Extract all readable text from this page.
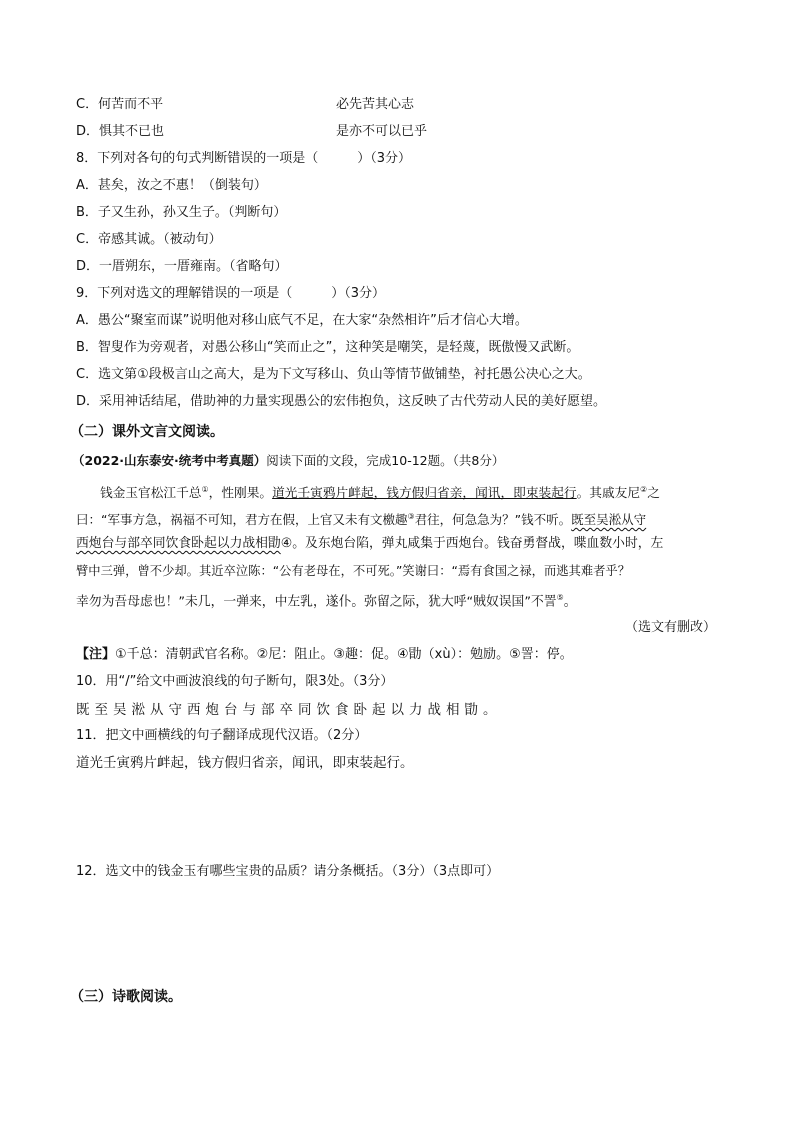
C．何苦而不平	必先苦其心志
D．惧其不已也	是亦不可以已乎
8．下列对各句的句式判断错误的一项是（　　　）（3分）
A．甚矣，汝之不惠！（倒装句）
B．子又生孙，孙又生子。（判断句）
C．帝感其诚。（被动句）
D．一厝朔东，一厝雍南。（省略句）
9．下列对选文的理解错误的一项是（　　　）（3分）
A．愚公“聚室而谋”说明他对移山底气不足，在大家“杂然相许”后才信心大增。
B．智叟作为旁观者，对愚公移山“笑而止之”，这种笑是嘲笑，是轻蔑，既傲慢又武断。
C．选文第①段极言山之高大，是为下文写移山、负山等情节做铺垫，衬托愚公决心之大。
D．采用神话结尾，借助神的力量实现愚公的宏伟抱负，这反映了古代劳动人民的美好愿望。
（二）课外文言文阅读。
（2022·山东泰安·统考中考真题）阅读下面的文段，完成10-12题。（共8分）
钱金玉官松江千总①，性刚果。道光壬寅鸦片衅起，钱方假归省亲，闻讯，即束装起行。其戚友尼②之
曰：“军事方急，祸福不可知，君方在假，上官又未有文檄趣③君往，何急急为？”钱不听。既至吴淞从守
西炮台与部卒同饮食卧起以力战相勖④。及东炮台陷，弹丸咸集于西炮台。钱奋勇督战，喋血数小时，左
臂中三弹，曾不少却。其近卒泣陈：“公有老母在，不可死。”笑谢曰：“焉有食国之禄，而逃其难者乎？
幸勿为吾母虑也！”未几，一弹来，中左乳，遂仆。弥留之际，犹大呼“贼奴误国”不詈⑤。
（选文有删改）
【注】①千总：清朝武官名称。②尼：阻止。③趣：促。④勖（xù）：勉励。⑤詈：停。
10．用“/”给文中画波浪线的句子断句，限3处。（3分）
既至吴淞从守西炮台与部卒同饮食卧起以力战相勖。
11．把文中画横线的句子翻译成现代汉语。（2分）
道光壬寅鸦片衅起，钱方假归省亲，闻讯，即束装起行。
12．选文中的钱金玉有哪些宝贵的品质？请分条概括。（3分）（3点即可）
（三）诗歌阅读。
